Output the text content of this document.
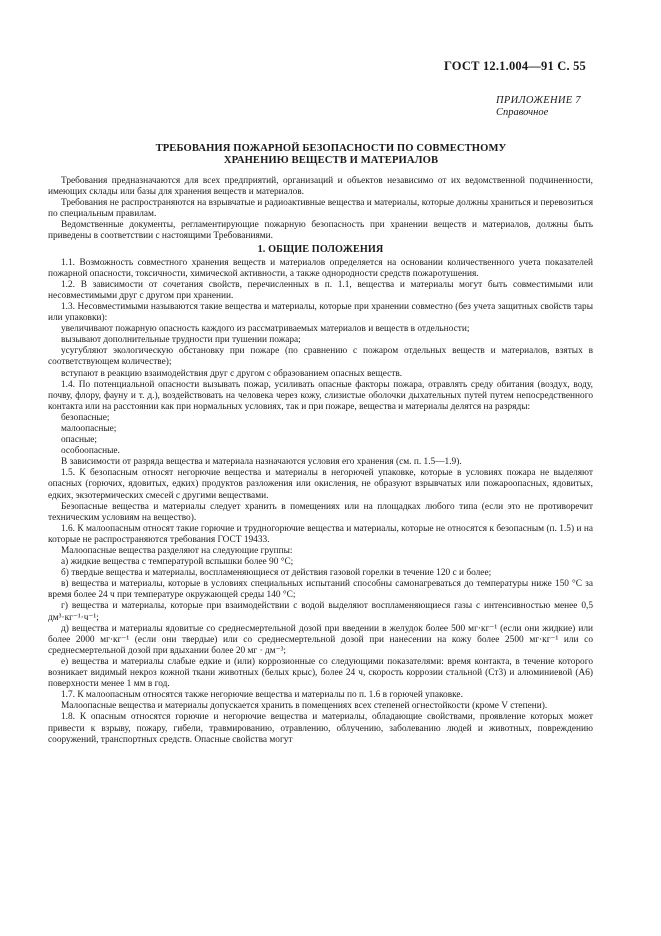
ГОСТ 12.1.004—91 С. 55
ПРИЛОЖЕНИЕ 7
Справочное
ТРЕБОВАНИЯ ПОЖАРНОЙ БЕЗОПАСНОСТИ ПО СОВМЕСТНОМУ
ХРАНЕНИЮ ВЕЩЕСТВ И МАТЕРИАЛОВ

Требования предназначаются для всех предприятий, организаций и объектов независимо от их ведомственной подчиненности, имеющих склады или базы для хранения веществ и материалов.

Требования не распространяются на взрывчатые и радиоактивные вещества и материалы, которые должны храниться и перевозиться по специальным правилам.

Ведомственные документы, регламентирующие пожарную безопасность при хранении веществ и материалов, должны быть приведены в соответствии с настоящими Требованиями.

1. ОБЩИЕ ПОЛОЖЕНИЯ

1.1. Возможность совместного хранения веществ и материалов определяется на основании количественного учета показателей пожарной опасности, токсичности, химической активности, а также однородности средств пожаротушения.

1.2. В зависимости от сочетания свойств, перечисленных в п. 1.1, вещества и материалы могут быть совместимыми или несовместимыми друг с другом при хранении.

1.3. Несовместимыми называются такие вещества и материалы, которые при хранении совместно (без учета защитных свойств тары или упаковки):

увеличивают пожарную опасность каждого из рассматриваемых материалов и веществ в отдельности;

вызывают дополнительные трудности при тушении пожара;

усугубляют экологическую обстановку при пожаре (по сравнению с пожаром отдельных веществ и материалов, взятых в соответствующем количестве);

вступают в реакцию взаимодействия друг с другом с образованием опасных веществ.

1.4. По потенциальной опасности вызывать пожар, усиливать опасные факторы пожара, отравлять среду обитания (воздух, воду, почву, флору, фауну и т. д.), воздействовать на человека через кожу, слизистые оболочки дыхательных путей путем непосредственного контакта или на расстоянии как при нормальных условиях, так и при пожаре, вещества и материалы делятся на разряды:

безопасные;

малоопасные;

опасные;

особоопасные.

В зависимости от разряда вещества и материала назначаются условия его хранения (см. п. 1.5—1.9).

1.5. К безопасным относят негорючие вещества и материалы в негорючей упаковке, которые в условиях пожара не выделяют опасных (горючих, ядовитых, едких) продуктов разложения или окисления, не образуют взрывчатых или пожароопасных, ядовитых, едких, экзотермических смесей с другими веществами.

Безопасные вещества и материалы следует хранить в помещениях или на площадках любого типа (если это не противоречит техническим условиям на вещество).

1.6. К малоопасным относят такие горючие и трудногорючие вещества и материалы, которые не относятся к безопасным (п. 1.5) и на которые не распространяются требования ГОСТ 19433.

Малоопасные вещества разделяют на следующие группы:

а) жидкие вещества с температурой вспышки более 90 °С;

б) твердые вещества и материалы, воспламеняющиеся от действия газовой горелки в течение 120 с и более;

в) вещества и материалы, которые в условиях специальных испытаний способны самонагреваться до температуры ниже 150 °С за время более 24 ч при температуре окружающей среды 140 °С;

г) вещества и материалы, которые при взаимодействии с водой выделяют воспламеняющиеся газы с интенсивностью менее 0,5 дм³·кг⁻¹·ч⁻¹;

д) вещества и материалы ядовитые со среднесмертельной дозой при введении в желудок более 500 мг·кг⁻¹ (если они жидкие) или более 2000 мг·кг⁻¹ (если они твердые) или со среднесмертельной дозой при нанесении на кожу более 2500 мг·кг⁻¹ или со среднесмертельной дозой при вдыхании более 20 мг · дм⁻³;

е) вещества и материалы слабые едкие и (или) коррозионные со следующими показателями: время контакта, в течение которого возникает видимый некроз кожной ткани животных (белых крыс), более 24 ч, скорость коррозии стальной (Ст3) и алюминиевой (А6) поверхности менее 1 мм в год.

1.7. К малоопасным относятся также негорючие вещества и материалы по п. 1.6 в горючей упаковке.

Малоопасные вещества и материалы допускается хранить в помещениях всех степеней огнестойкости (кроме V степени).

1.8. К опасным относятся горючие и негорючие вещества и материалы, обладающие свойствами, проявление которых может привести к взрыву, пожару, гибели, травмированию, отравлению, облучению, заболеванию людей и животных, повреждению сооружений, транспортных средств. Опасные свойства могут
